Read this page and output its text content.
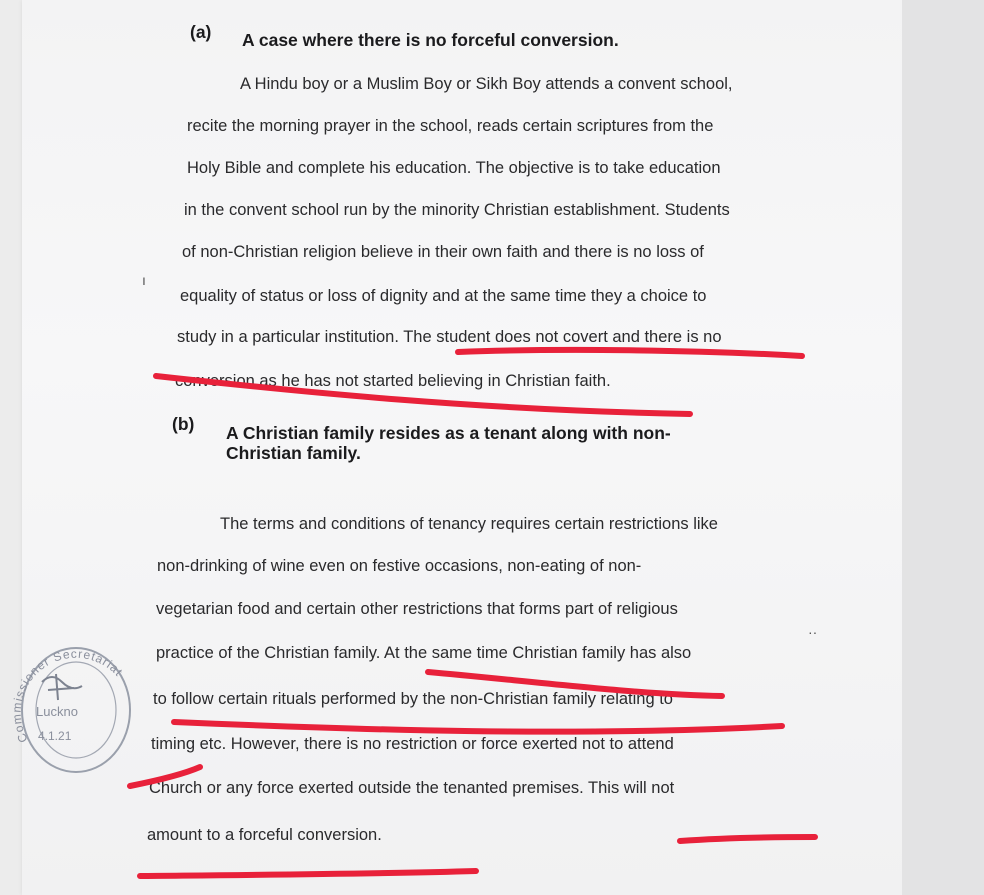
(a) A case where there is no forceful conversion.
A Hindu boy or a Muslim Boy or Sikh Boy attends a convent school,
recite the morning prayer in the school, reads certain scriptures from the
Holy Bible and complete his education. The objective is to take education
in the convent school run by the minority Christian establishment. Students
of non-Christian religion believe in their own faith and there is no loss of
equality of status or loss of dignity and at the same time they a choice to
study in a particular institution. The student does not covert and there is no
conversion as he has not started believing in Christian faith.
(b) A Christian family resides as a tenant along with non-
Christian family.
The terms and conditions of tenancy requires certain restrictions like
non-drinking of wine even on festive occasions, non-eating of non-
vegetarian food and certain other restrictions that forms part of religious
practice of the Christian family. At the same time Christian family has also
to follow certain rituals performed by the non-Christian family relating to
timing etc. However, there is no restriction or force exerted not to attend
Church or any force exerted outside the tenanted premises. This will not
amount to a forceful conversion.
ı
··
Commissioner Secretariat
Luckno
4.1.21
